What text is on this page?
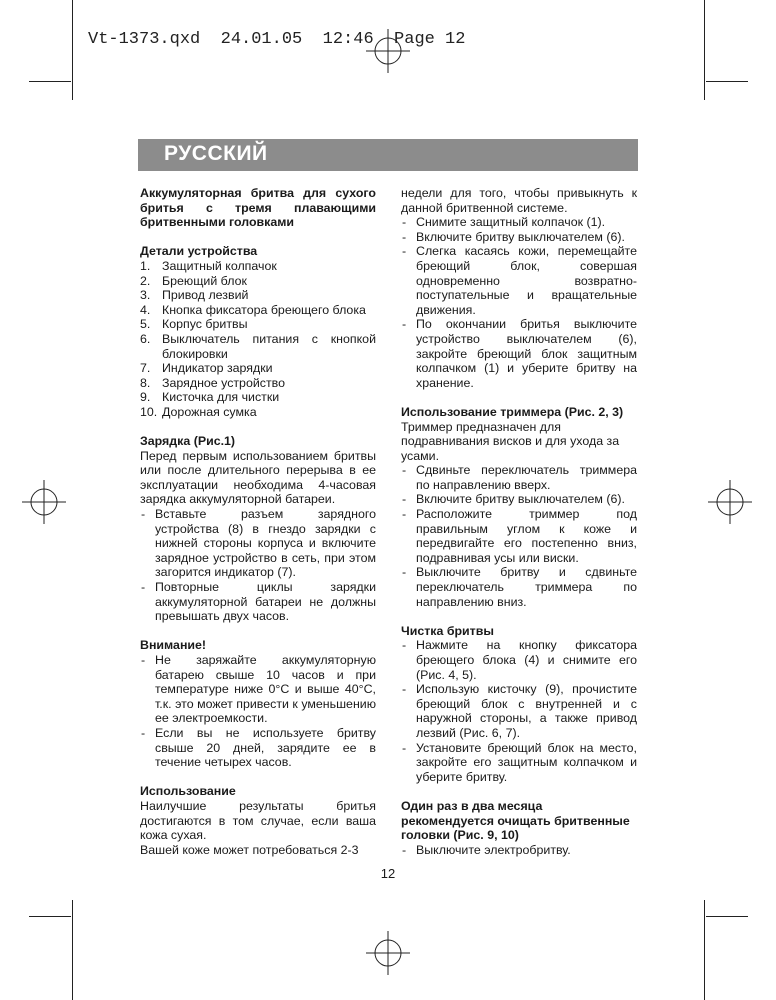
Vt-1373.qxd  24.01.05  12:46  Page 12
РУССКИЙ

Аккумуляторная бритва для сухого бритья с тремя плавающими бритвенными головками

Детали устройства

1. Защитный колпачок
2. Бреющий блок
3. Привод лезвий
4. Кнопка фиксатора бреющего блока
5. Корпус бритвы
6. Выключатель питания с кнопкой блокировки
7. Индикатор зарядки
8. Зарядное устройство
9. Кисточка для чистки
10. Дорожная сумка

Зарядка (Рис.1)

Перед первым использованием бритвы или после длительного перерыва в ее эксплуатации необходима 4-часовая зарядка аккумуляторной батареи.

- Вставьте разъем зарядного устройства (8) в гнездо зарядки с нижней стороны корпуса и включите зарядное устройство в сеть, при этом загорится индикатор (7).
- Повторные циклы зарядки аккумуляторной батареи не должны превышать двух часов.

Внимание!

- Не заряжайте аккумуляторную батарею свыше 10 часов и при температуре ниже 0°С и выше 40°С, т.к. это может привести к уменьшению ее электроемкости.
- Если вы не используете бритву свыше 20 дней, зарядите ее в течение четырех часов.

Использование

Наилучшие результаты бритья достигаются в том случае, если ваша кожа сухая.

Вашей коже может потребоваться 2-3

недели для того, чтобы привыкнуть к данной бритвенной системе.

- Снимите защитный колпачок (1).
- Включите бритву выключателем (6).
- Слегка касаясь кожи, перемещайте бреющий блок, совершая одновременно возвратно-поступательные и вращательные движения.
- По окончании бритья выключите устройство выключателем (6), закройте бреющий блок защитным колпачком (1) и уберите бритву на хранение.

Использование триммера (Рис. 2, 3)

Триммер предназначен для подравнивания висков и для ухода за усами.

- Сдвиньте переключатель триммера по направлению вверх.
- Включите бритву выключателем (6).
- Расположите триммер под правильным углом к коже и передвигайте его постепенно вниз, подравнивая усы или виски.
- Выключите бритву и сдвиньте переключатель триммера по направлению вниз.

Чистка бритвы

- Нажмите на кнопку фиксатора бреющего блока (4) и снимите его (Рис. 4, 5).
- Использую кисточку (9), прочистите бреющий блок с внутренней и с наружной стороны, а также привод лезвий (Рис. 6, 7).
- Установите бреющий блок на место, закройте его защитным колпачком и уберите бритву.

Один раз в два месяца рекомендуется очищать бритвенные головки (Рис. 9, 10)

- Выключите электробритву.
12
